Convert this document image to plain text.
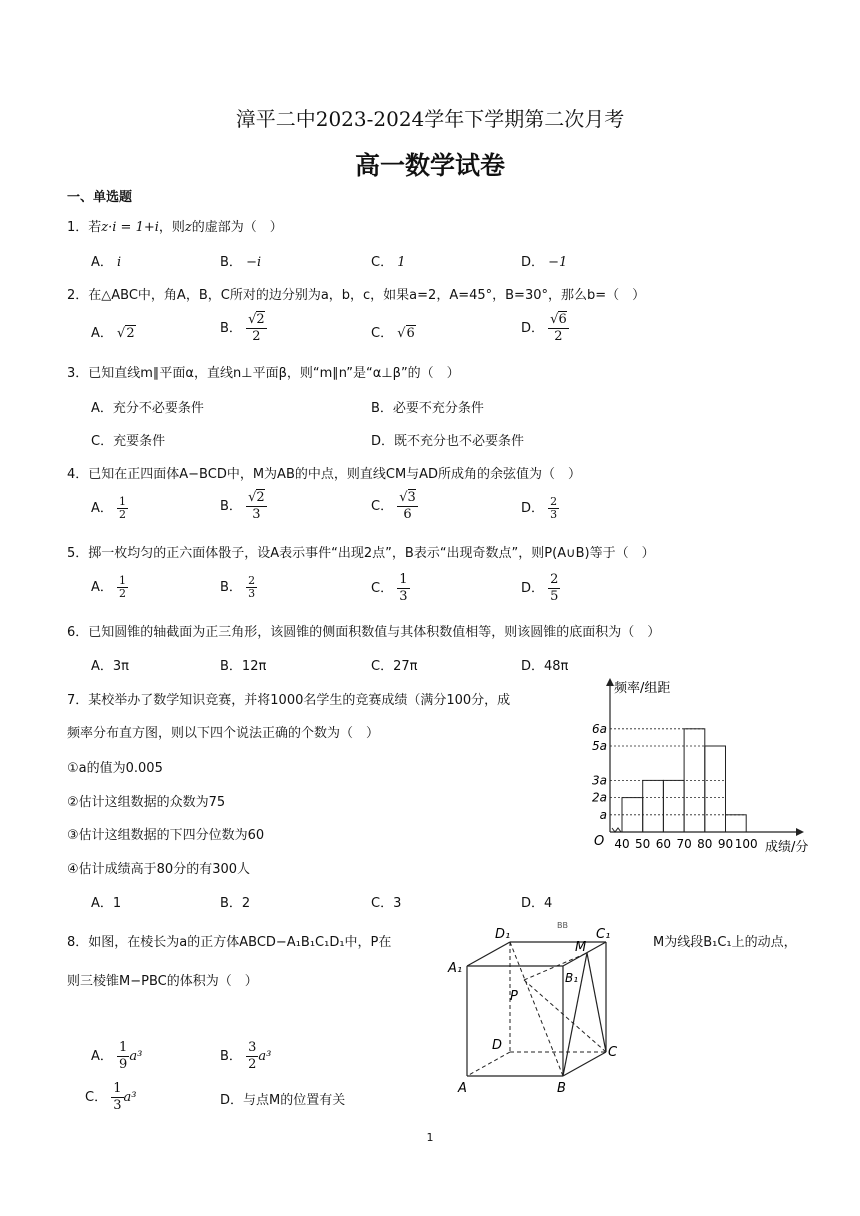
漳平二中2023-2024学年下学期第二次月考
高一数学试卷
一、单选题
1．若z·i = 1+i，则z的虚部为（　）
A． i	B． −i	C． 1	D． −1
2．在△ABC中，角A，B，C所对的边分别为a，b，c，如果a=2，A=45°，B=30°，那么b=（　）
A． √2	B． $\frac{√2}{2}$	C． √6	D． $\frac{√6}{2}$
3．已知直线m∥平面α，直线n⊥平面β，则“m∥n”是“α⊥β”的（　）
A．充分不必要条件	B．必要不充分条件
C．充要条件	D．既不充分也不必要条件
4．已知在正四面体A−BCD中，M为AB的中点，则直线CM与AD所成角的余弦值为（　）
A． $\frac{1}{2}$	B． $\frac{√2}{3}$	C． $\frac{√3}{6}$	D． $\frac{2}{3}$
5．掷一枚均匀的正六面体骰子，设A表示事件“出现2点”，B表示“出现奇数点”，则P(A∪B)等于（　）
A． $\frac{1}{2}$	B． $\frac{2}{3}$	C． $\frac{1}{3}$	D． $\frac{2}{5}$
6．已知圆锥的轴截面为正三角形，该圆锥的侧面积数值与其体积数值相等，则该圆锥的底面积为（　）
A．3π	B．12π	C．27π	D．48π
7．某校举办了数学知识竞赛，并将1000名学生的竞赛成绩（满分100分，成
频率分布直方图，则以下四个说法正确的个数为（　）
①a的值为0.005
②估计这组数据的众数为75
③估计这组数据的下四分位数为60
④估计成绩高于80分的有300人
A．1	B．2	C．3	D．4
O
频率/组距
成绩/分
a
2a
3a
5a
6a
40 50 60 70 80 90 100
8．如图，在棱长为a的正方体ABCD−A₁B₁C₁D₁中，P在	M为线段B₁C₁上的动点，
则三棱锥M−PBC的体积为（　）
A． $\frac{1}{9} a^3$	B． $\frac{3}{2} a^3$
C． $\frac{1}{3} a^3$	D．与点M的位置有关
D₁	C₁
A₁
B₁
M
P
D	C
A	B
BB
1
